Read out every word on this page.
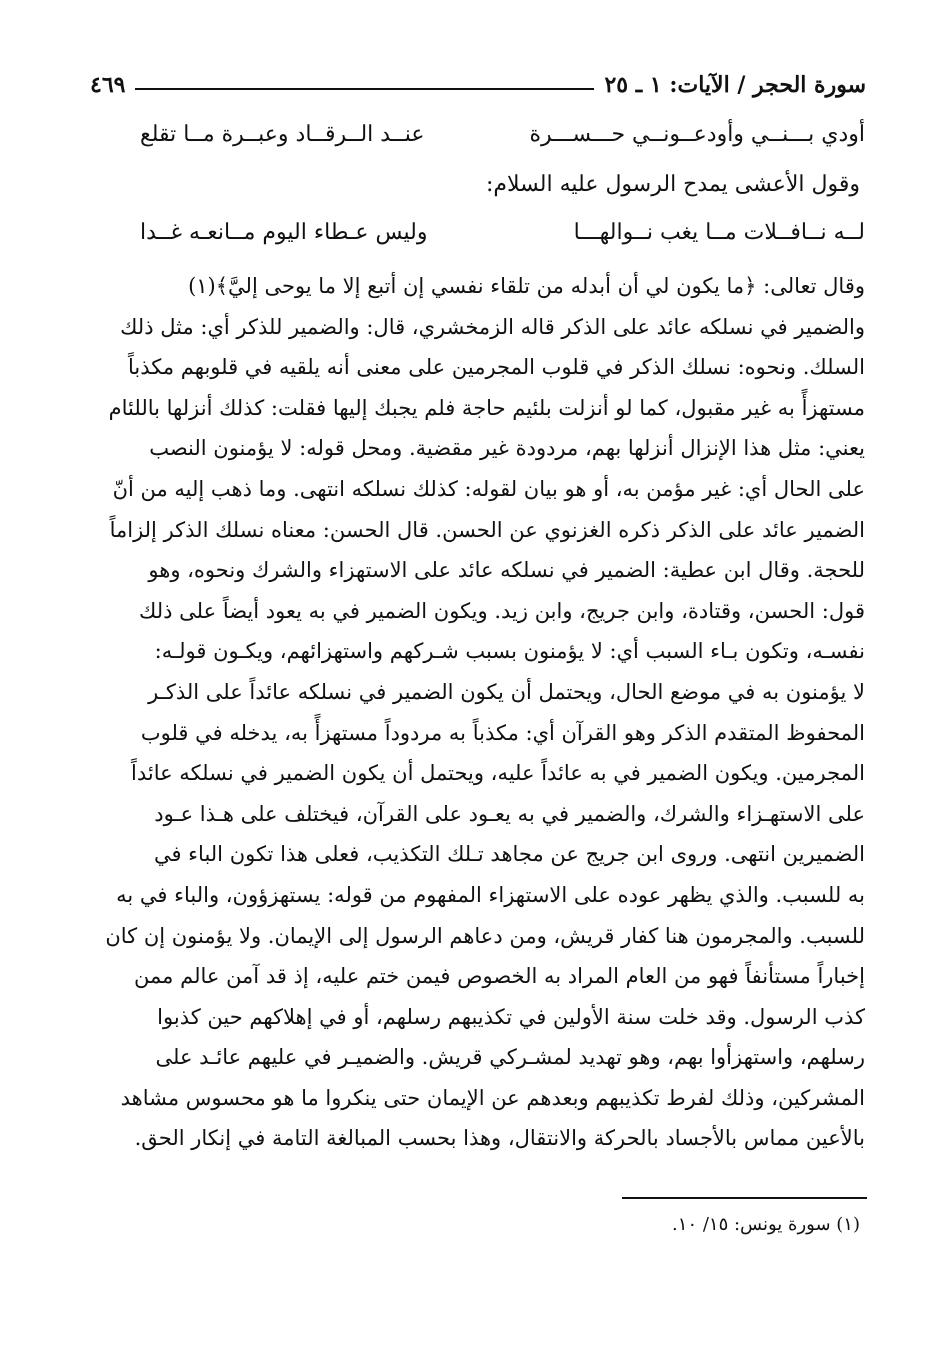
سورة الحجر / الآيات: ١ ـ ٢٥
٤٦٩
أودي بـــنــي وأودعــونــي حـــســـرة
عنــد الــرقــاد وعبــرة مــا تقلع
وقول الأعشى يمدح الرسول عليه السلام:
لــه نــافــلات مــا يغب نــوالهـــا
وليس عـطاء اليوم مــانعـه غــدا
وقال تعالى: ﴿ما يكون لي أن أبدله من تلقاء نفسي إن أتبع إلا ما يوحى إليَّ﴾(١)
والضمير في نسلكه عائد على الذكر قاله الزمخشري، قال: والضمير للذكر أي: مثل ذلك
السلك. ونحوه: نسلك الذكر في قلوب المجرمين على معنى أنه يلقيه في قلوبهم مكذباً
مستهزأً به غير مقبول، كما لو أنزلت بلئيم حاجة فلم يجبك إليها فقلت: كذلك أنزلها باللئام
يعني: مثل هذا الإنزال أنزلها بهم، مردودة غير مقضية. ومحل قوله: لا يؤمنون النصب
على الحال أي: غير مؤمن به، أو هو بيان لقوله: كذلك نسلكه انتهى. وما ذهب إليه من أنّ
الضمير عائد على الذكر ذكره الغزنوي عن الحسن. قال الحسن: معناه نسلك الذكر إلزاماً
للحجة. وقال ابن عطية: الضمير في نسلكه عائد على الاستهزاء والشرك ونحوه، وهو
قول: الحسن، وقتادة، وابن جريج، وابن زيد. ويكون الضمير في به يعود أيضاً على ذلك
نفسـه، وتكون بـاء السبب أي: لا يؤمنون بسبب شـركهم واستهزائهم، ويكـون قولـه:
لا يؤمنون به في موضع الحال، ويحتمل أن يكون الضمير في نسلكه عائداً على الذكـر
المحفوظ المتقدم الذكر وهو القرآن أي: مكذباً به مردوداً مستهزأً به، يدخله في قلوب
المجرمين. ويكون الضمير في به عائداً عليه، ويحتمل أن يكون الضمير في نسلكه عائداً
على الاستهـزاء والشرك، والضمير في به يعـود على القرآن، فيختلف على هـذا عـود
الضميرين انتهى. وروى ابن جريج عن مجاهد تـلك التكذيب، فعلى هذا تكون الباء في
به للسبب. والذي يظهر عوده على الاستهزاء المفهوم من قوله: يستهزؤون، والباء في به
للسبب. والمجرمون هنا كفار قريش، ومن دعاهم الرسول إلى الإيمان. ولا يؤمنون إن كان
إخباراً مستأنفاً فهو من العام المراد به الخصوص فيمن ختم عليه، إذ قد آمن عالم ممن
كذب الرسول. وقد خلت سنة الأولين في تكذيبهم رسلهم، أو في إهلاكهم حين كذبوا
رسلهم، واستهزأوا بهم، وهو تهديد لمشـركي قريش. والضميـر في عليهم عائـد على
المشركين، وذلك لفرط تكذيبهم وبعدهم عن الإيمان حتى ينكروا ما هو محسوس مشاهد
بالأعين مماس بالأجساد بالحركة والانتقال، وهذا بحسب المبالغة التامة في إنكار الحق.
(١) سورة يونس: ١٥/ ١٠.
